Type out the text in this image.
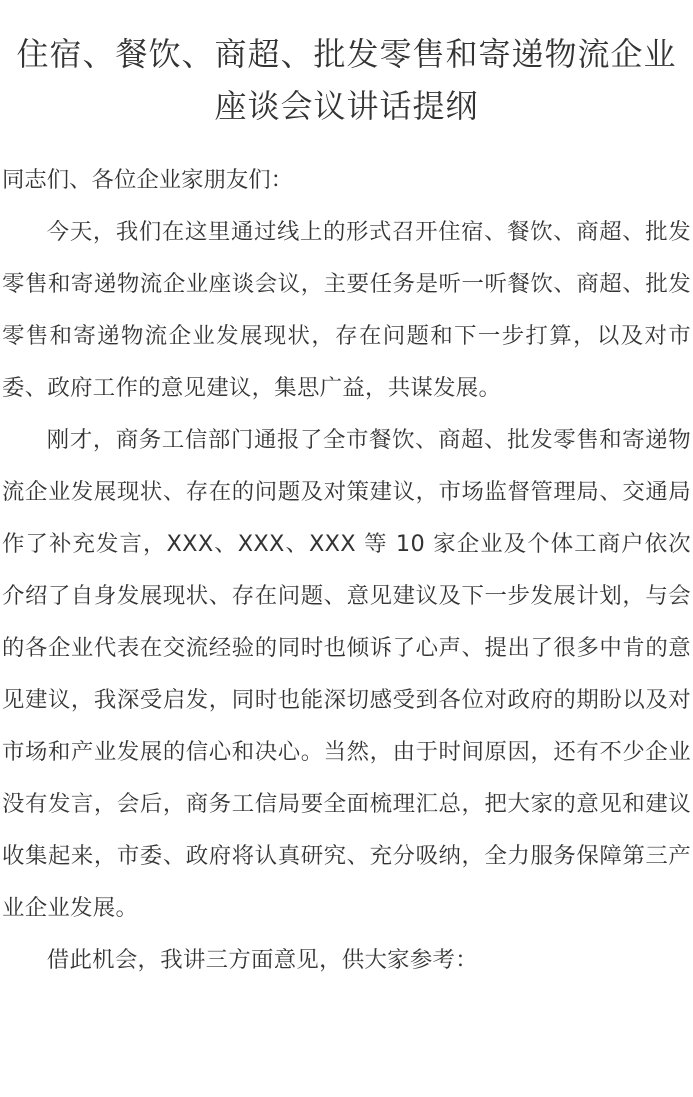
住宿、餐饮、商超、批发零售和寄递物流企业座谈会议讲话提纲

同志们、各位企业家朋友们：

今天，我们在这里通过线上的形式召开住宿、餐饮、商超、批发零售和寄递物流企业座谈会议，主要任务是听一听餐饮、商超、批发零售和寄递物流企业发展现状，存在问题和下一步打算，以及对市委、政府工作的意见建议，集思广益，共谋发展。

刚才，商务工信部门通报了全市餐饮、商超、批发零售和寄递物流企业发展现状、存在的问题及对策建议，市场监督管理局、交通局作了补充发言，XXX、XXX、XXX 等 10 家企业及个体工商户依次介绍了自身发展现状、存在问题、意见建议及下一步发展计划，与会的各企业代表在交流经验的同时也倾诉了心声、提出了很多中肯的意见建议，我深受启发，同时也能深切感受到各位对政府的期盼以及对市场和产业发展的信心和决心。当然，由于时间原因，还有不少企业没有发言，会后，商务工信局要全面梳理汇总，把大家的意见和建议收集起来，市委、政府将认真研究、充分吸纳，全力服务保障第三产业企业发展。

借此机会，我讲三方面意见，供大家参考：
